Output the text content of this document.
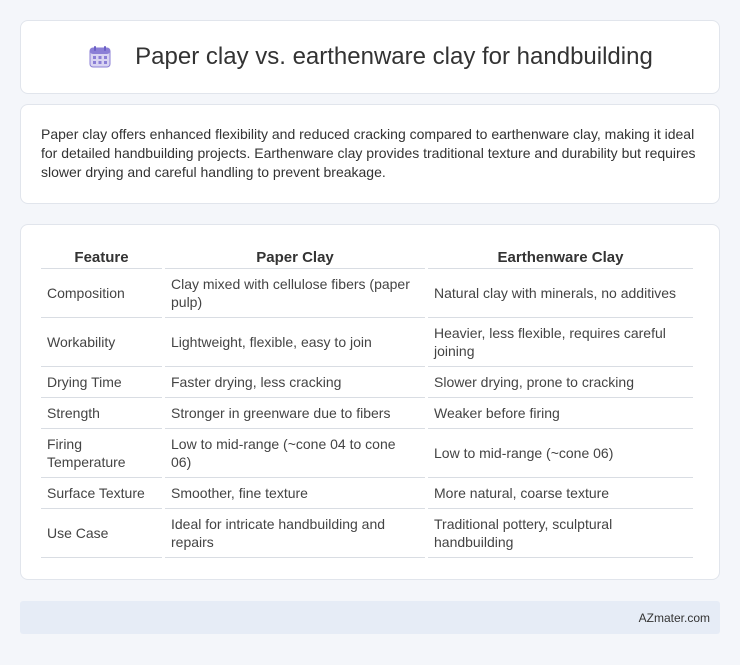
Paper clay vs. earthenware clay for handbuilding

Paper clay offers enhanced flexibility and reduced cracking compared to earthenware clay, making it ideal for detailed handbuilding projects. Earthenware clay provides traditional texture and durability but requires slower drying and careful handling to prevent breakage.

Feature	Paper Clay	Earthenware Clay
Composition	Clay mixed with cellulose fibers (paper pulp)	Natural clay with minerals, no additives
Workability	Lightweight, flexible, easy to join	Heavier, less flexible, requires careful joining
Drying Time	Faster drying, less cracking	Slower drying, prone to cracking
Strength	Stronger in greenware due to fibers	Weaker before firing
Firing Temperature	Low to mid-range (~cone 04 to cone 06)	Low to mid-range (~cone 06)
Surface Texture	Smoother, fine texture	More natural, coarse texture
Use Case	Ideal for intricate handbuilding and repairs	Traditional pottery, sculptural handbuilding
AZmater.com
